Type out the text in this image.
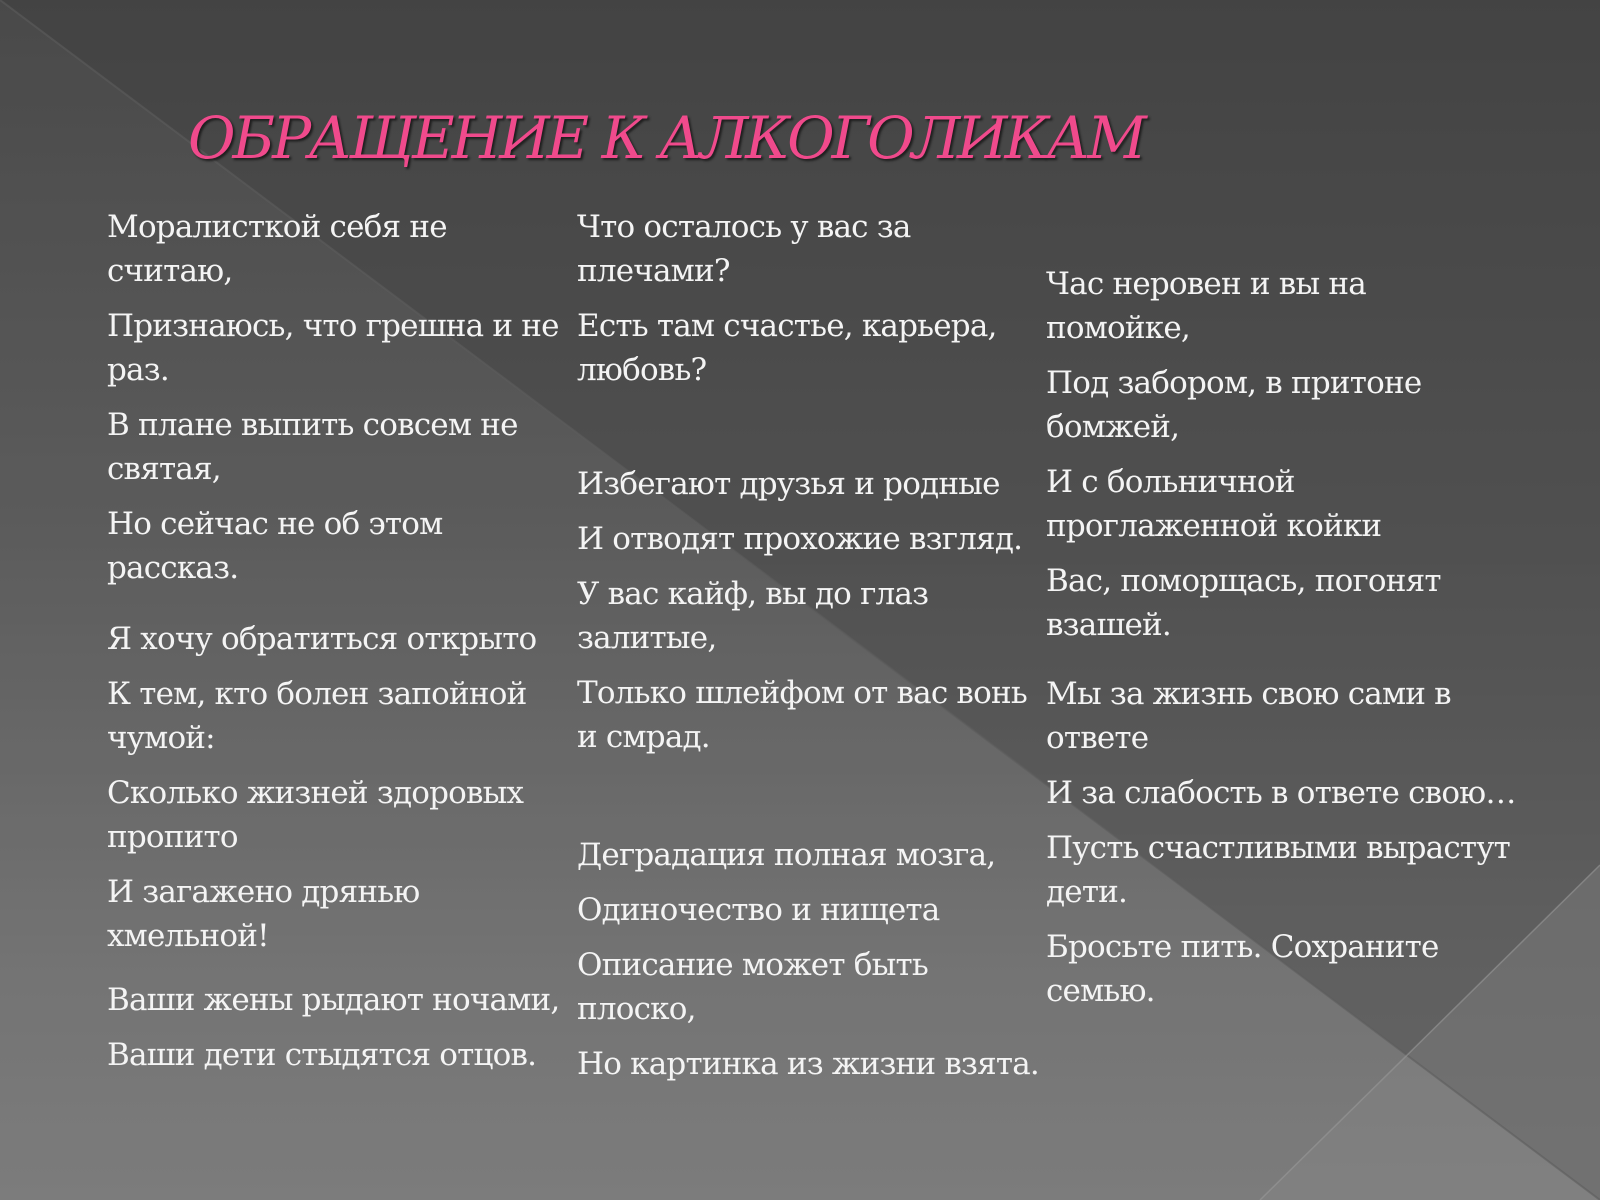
ОБРАЩЕНИЕ К АЛКОГОЛИКАМ
Моралисткой себя не считаю,
Признаюсь, что грешна и не раз.
В плане выпить совсем не святая,
Но сейчас не об этом рассказ.
Я хочу обратиться открыто
К тем, кто болен запойной чумой:
Сколько жизней здоровых пропито
И загажено дрянью хмельной!
Ваши жены рыдают ночами,
Ваши дети стыдятся отцов.
Что осталось у вас за плечами?
Есть там счастье, карьера, любовь?
Избегают друзья и родные
И отводят прохожие взгляд.
У вас кайф, вы до глаз залитые,
Только шлейфом от вас вонь и смрад.
Деградация полная мозга,
Одиночество и нищета
Описание может быть плоско,
Но картинка из жизни взята.
Час неровен и вы на помойке,
Под забором, в притоне бомжей,
И с больничной проглаженной койки
Вас, поморщась, погонят взашей.
Мы за жизнь свою сами в ответе
И за слабость в ответе свою…
Пусть счастливыми вырастут дети.
Бросьте пить. Сохраните семью.
